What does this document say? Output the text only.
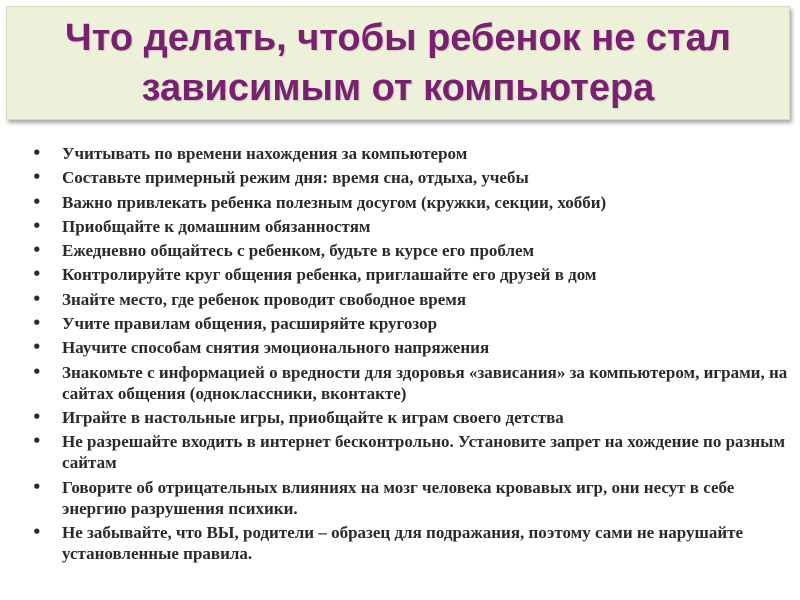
Что делать, чтобы ребенок не стал
зависимым от компьютера
• Учитывать по времени нахождения за компьютером
• Составьте примерный режим дня: время сна, отдыха, учебы
• Важно привлекать ребенка полезным досугом (кружки, секции, хобби)
• Приобщайте к домашним обязанностям
• Ежедневно общайтесь с ребенком, будьте в курсе его проблем
• Контролируйте круг общения ребенка, приглашайте его друзей в дом
• Знайте место, где ребенок проводит свободное время
• Учите правилам общения, расширяйте кругозор
• Научите способам снятия эмоционального напряжения
• Знакомьте с информацией о вредности для здоровья «зависания» за компьютером, играми, на сайтах общения (одноклассники, вконтакте)
• Играйте в настольные игры, приобщайте к играм своего детства
• Не разрешайте входить в интернет бесконтрольно. Установите запрет на хождение по разным сайтам
• Говорите об отрицательных влияниях на мозг человека кровавых игр, они несут в себе энергию разрушения психики.
• Не забывайте, что ВЫ, родители – образец для подражания, поэтому сами не нарушайте установленные правила.
